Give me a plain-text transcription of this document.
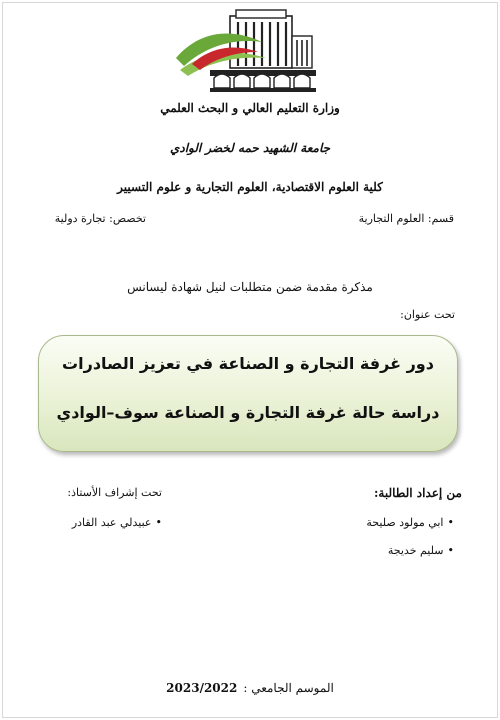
وزارة التعليم العالي و البحث العلمي
جامعة الشهيد حمه لخضر الوادي
كلية العلوم الاقتصادية، العلوم التجارية و علوم التسيير
قسم: العلوم التجارية
تخصص: تجارة دولية
مذكرة مقدمة ضمن متطلبات لنيل شهادة ليسانس
تحت عنوان:
دور غرفة التجارة و الصناعة في تعزيز الصادرات
دراسة حالة غرفة التجارة و الصناعة سوف–الوادي
من إعداد الطالبة:
تحت إشراف الأستاذ:
•ابي مولود صليحة
•سليم خديجة
•عبيدلي عبد القادر
الموسم الجامعي :2023/2022
